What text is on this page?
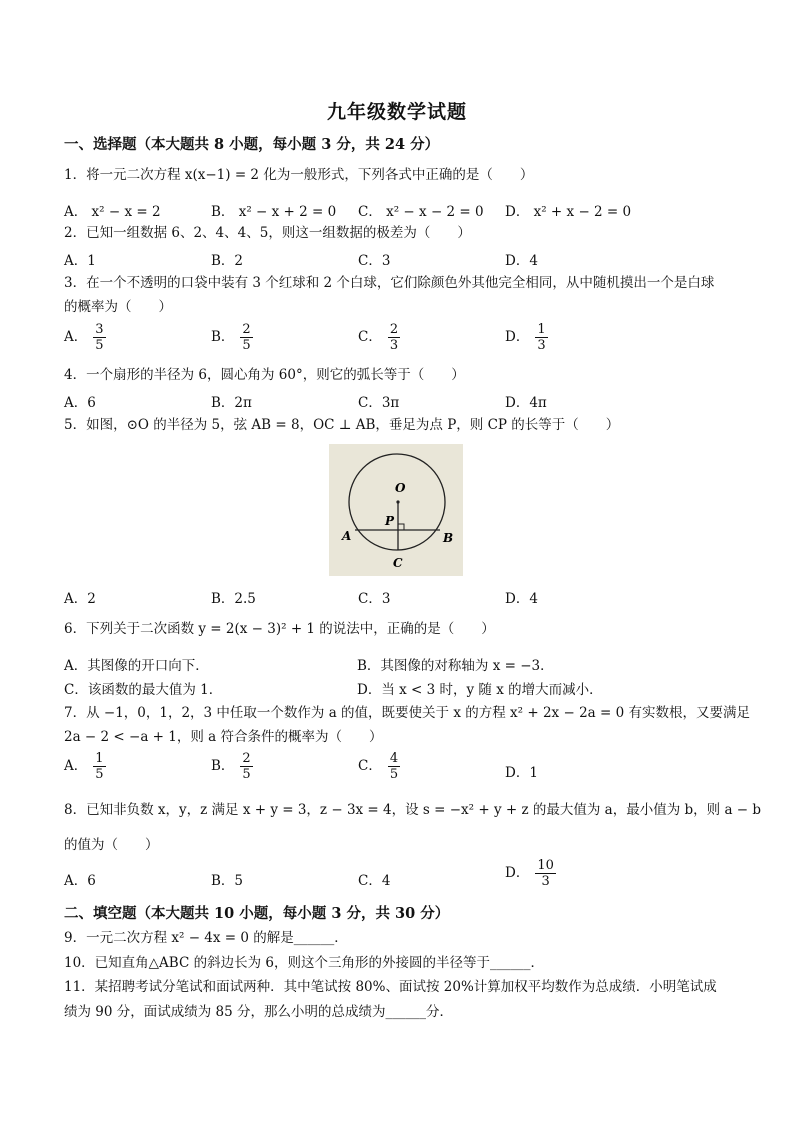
九年级数学试题
一、选择题（本大题共 8 小题，每小题 3 分，共 24 分）
1．将一元二次方程 x(x−1) = 2 化为一般形式，下列各式中正确的是（　　）
A． x² − x = 2	B． x² − x + 2 = 0 C． x² − x − 2 = 0 D． x² + x − 2 = 0
2．已知一组数据 6、2、4、4、5，则这一组数据的极差为（　　）
A．1	B．2	C．3	D．4
3．在一个不透明的口袋中装有 3 个红球和 2 个白球，它们除颜色外其他完全相同，从中随机摸出一个是白球
的概率为（　　）
A． $\frac{3}{5}$	B． $\frac{2}{5}$	C． $\frac{2}{3}$	D． $\frac{1}{3}$
4．一个扇形的半径为 6，圆心角为 60°，则它的弧长等于（　　）
A．6	B．2π	C．3π	D．4π
5．如图，⊙O 的半径为 5，弦 AB = 8，OC ⊥ AB，垂足为点 P，则 CP 的长等于（　　）
O
P
A	B
C
A．2	B．2.5	C．3	D．4
6．下列关于二次函数 y = 2(x − 3)² + 1 的说法中，正确的是（　　）
A．其图像的开口向下．	B．其图像的对称轴为 x = −3．
C．该函数的最大值为 1．	D．当 x < 3 时，y 随 x 的增大而减小．
7．从 −1，0，1，2，3 中任取一个数作为 a 的值，既要使关于 x 的方程 x² + 2x − 2a = 0 有实数根，又要满足
2a − 2 < −a + 1，则 a 符合条件的概率为（　　）
A． $\frac{1}{5}$	B． $\frac{2}{5}$	C． $\frac{4}{5}$	D．1
8．已知非负数 x，y，z 满足 x + y = 3，z − 3x = 4，设 s = −x² + y + z 的最大值为 a，最小值为 b，则 a − b
的值为（　　）
A．6	B．5	C．4	D． $\frac{10}{3}$
二、填空题（本大题共 10 小题，每小题 3 分，共 30 分）
9．一元二次方程 x² − 4x = 0 的解是______．
10．已知直角△ABC 的斜边长为 6，则这个三角形的外接圆的半径等于______．
11．某招聘考试分笔试和面试两种．其中笔试按 80%、面试按 20%计算加权平均数作为总成绩．小明笔试成
绩为 90 分，面试成绩为 85 分，那么小明的总成绩为______分．
